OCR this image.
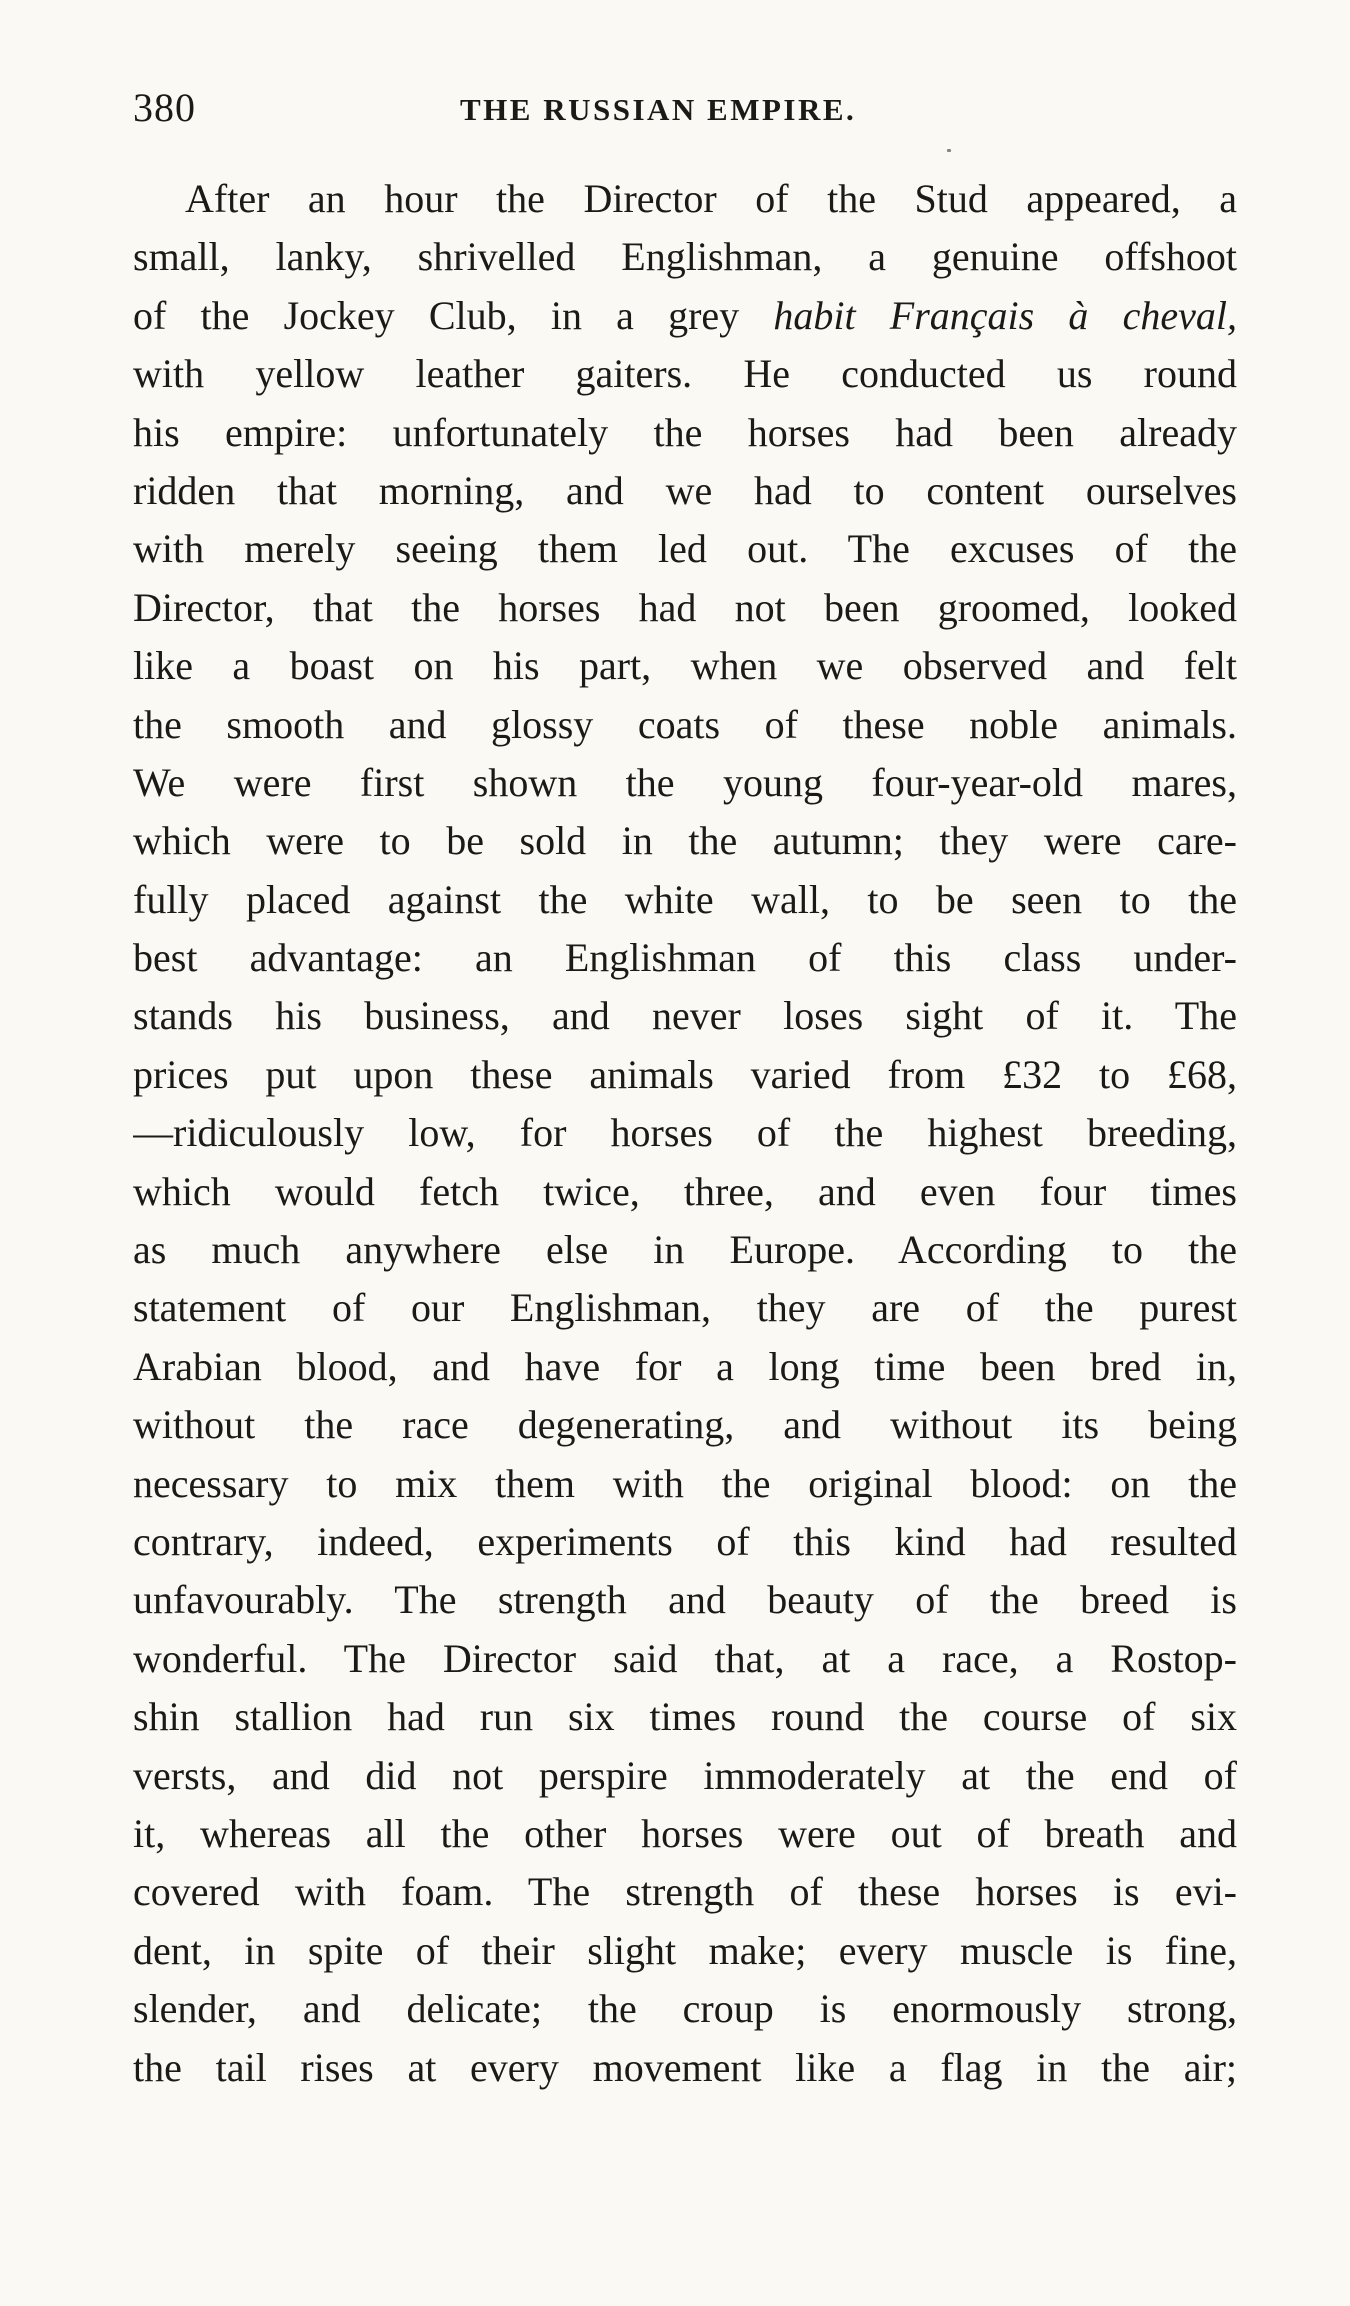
380	THE RUSSIAN EMPIRE.
After an hour the Director of the Stud appeared, a
small, lanky, shrivelled Englishman, a genuine offshoot
of the Jockey Club, in a grey habit Français à cheval,
with yellow leather gaiters. He conducted us round
his empire: unfortunately the horses had been already
ridden that morning, and we had to content ourselves
with merely seeing them led out. The excuses of the
Director, that the horses had not been groomed, looked
like a boast on his part, when we observed and felt
the smooth and glossy coats of these noble animals.
We were first shown the young four-year-old mares,
which were to be sold in the autumn; they were care-
fully placed against the white wall, to be seen to the
best advantage: an Englishman of this class under-
stands his business, and never loses sight of it. The
prices put upon these animals varied from £32 to £68,
—ridiculously low, for horses of the highest breeding,
which would fetch twice, three, and even four times
as much anywhere else in Europe. According to the
statement of our Englishman, they are of the purest
Arabian blood, and have for a long time been bred in,
without the race degenerating, and without its being
necessary to mix them with the original blood: on the
contrary, indeed, experiments of this kind had resulted
unfavourably. The strength and beauty of the breed is
wonderful. The Director said that, at a race, a Rostop-
shin stallion had run six times round the course of six
versts, and did not perspire immoderately at the end of
it, whereas all the other horses were out of breath and
covered with foam. The strength of these horses is evi-
dent, in spite of their slight make; every muscle is fine,
slender, and delicate; the croup is enormously strong,
the tail rises at every movement like a flag in the air;
